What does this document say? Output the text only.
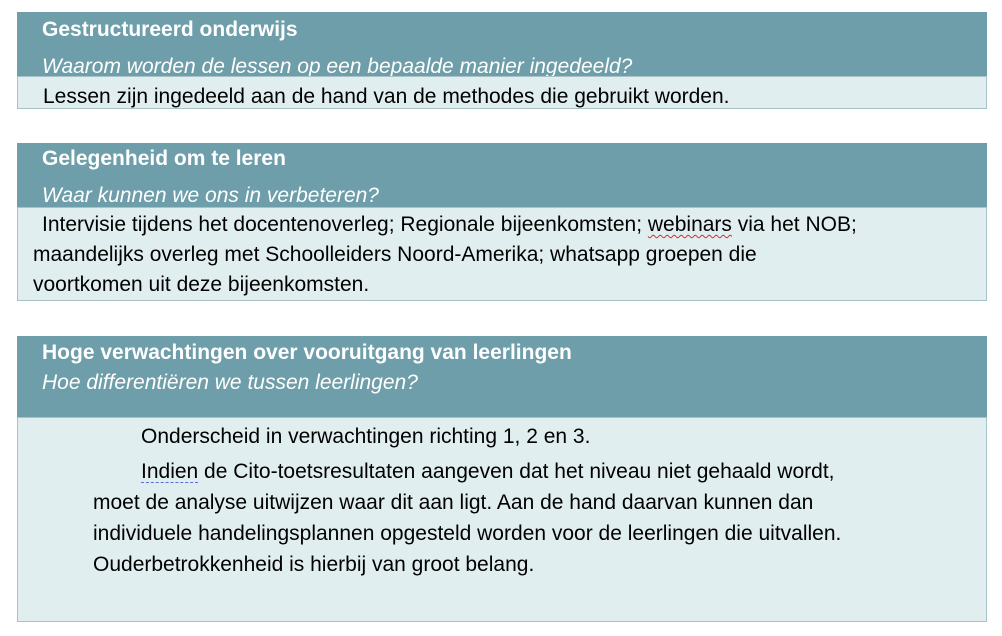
Gestructureerd onderwijs
Waarom worden de lessen op een bepaalde manier ingedeeld?

Lessen zijn ingedeeld aan de hand van de methodes die gebruikt worden.

Gelegenheid om te leren
Waar kunnen we ons in verbeteren?

Intervisie tijdens het docentenoverleg; Regionale bijeenkomsten; webinars via het NOB;

maandelijks overleg met Schoolleiders Noord-Amerika; whatsapp groepen die

voortkomen uit deze bijeenkomsten.

Hoge verwachtingen over vooruitgang van leerlingen
Hoe differentiëren we tussen leerlingen?

Onderscheid in verwachtingen richting 1, 2 en 3.

Indien de Cito-toetsresultaten aangeven dat het niveau niet gehaald wordt,

moet de analyse uitwijzen waar dit aan ligt. Aan de hand daarvan kunnen dan

individuele handelingsplannen opgesteld worden voor de leerlingen die uitvallen.

Ouderbetrokkenheid is hierbij van groot belang.
